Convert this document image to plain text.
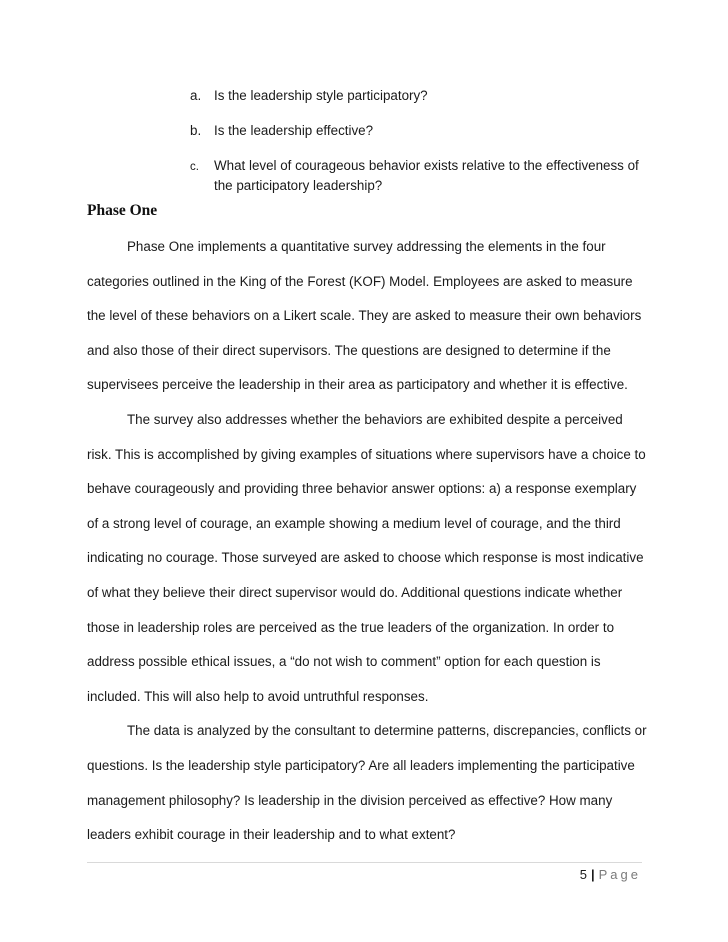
a. Is the leadership style participatory?
b. Is the leadership effective?
c. What level of courageous behavior exists relative to the effectiveness of the participatory leadership?
Phase One

Phase One implements a quantitative survey addressing the elements in the four categories outlined in the King of the Forest (KOF) Model. Employees are asked to measure the level of these behaviors on a Likert scale. They are asked to measure their own behaviors and also those of their direct supervisors. The questions are designed to determine if the supervisees perceive the leadership in their area as participatory and whether it is effective.

The survey also addresses whether the behaviors are exhibited despite a perceived risk. This is accomplished by giving examples of situations where supervisors have a choice to behave courageously and providing three behavior answer options: a) a response exemplary of a strong level of courage, an example showing a medium level of courage, and the third indicating no courage. Those surveyed are asked to choose which response is most indicative of what they believe their direct supervisor would do. Additional questions indicate whether those in leadership roles are perceived as the true leaders of the organization. In order to address possible ethical issues, a “do not wish to comment” option for each question is included. This will also help to avoid untruthful responses.

The data is analyzed by the consultant to determine patterns, discrepancies, conflicts or questions. Is the leadership style participatory? Are all leaders implementing the participative management philosophy? Is leadership in the division perceived as effective? How many leaders exhibit courage in their leadership and to what extent?

5 | Page
